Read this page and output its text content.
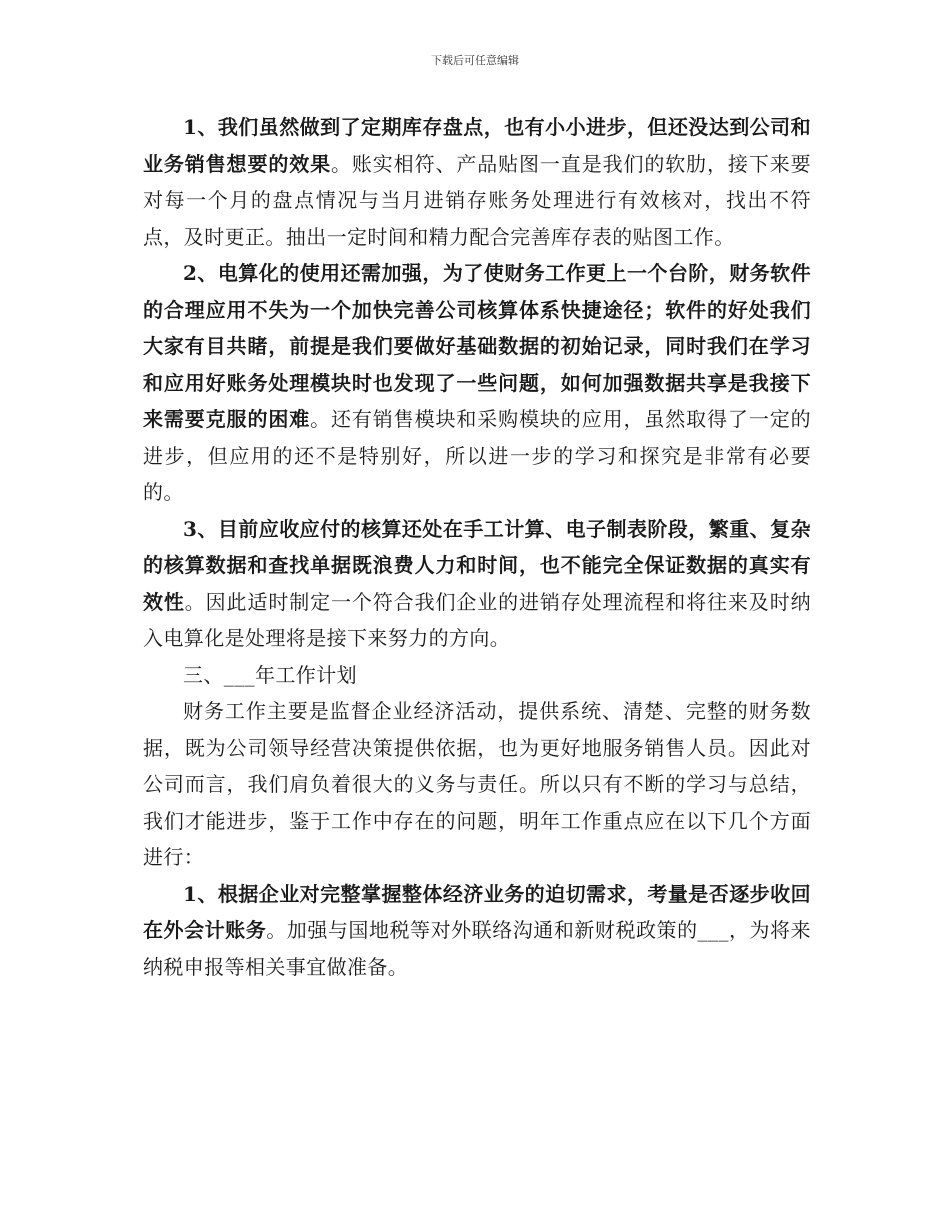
下载后可任意编辑

1、我们虽然做到了定期库存盘点，也有小小进步，但还没达到公司和业务销售想要的效果。账实相符、产品贴图一直是我们的软肋，接下来要对每一个月的盘点情况与当月进销存账务处理进行有效核对，找出不符点，及时更正。抽出一定时间和精力配合完善库存表的贴图工作。

2、电算化的使用还需加强，为了使财务工作更上一个台阶，财务软件的合理应用不失为一个加快完善公司核算体系快捷途径；软件的好处我们大家有目共睹，前提是我们要做好基础数据的初始记录，同时我们在学习和应用好账务处理模块时也发现了一些问题，如何加强数据共享是我接下来需要克服的困难。还有销售模块和采购模块的应用，虽然取得了一定的进步，但应用的还不是特别好，所以进一步的学习和探究是非常有必要的。

3、目前应收应付的核算还处在手工计算、电子制表阶段，繁重、复杂的核算数据和查找单据既浪费人力和时间，也不能完全保证数据的真实有效性。因此适时制定一个符合我们企业的进销存处理流程和将往来及时纳入电算化是处理将是接下来努力的方向。

三、___年工作计划

财务工作主要是监督企业经济活动，提供系统、清楚、完整的财务数据，既为公司领导经营决策提供依据，也为更好地服务销售人员。因此对公司而言，我们肩负着很大的义务与责任。所以只有不断的学习与总结，我们才能进步，鉴于工作中存在的问题，明年工作重点应在以下几个方面进行：

1、根据企业对完整掌握整体经济业务的迫切需求，考量是否逐步收回在外会计账务。加强与国地税等对外联络沟通和新财税政策的___，为将来纳税申报等相关事宜做准备。
